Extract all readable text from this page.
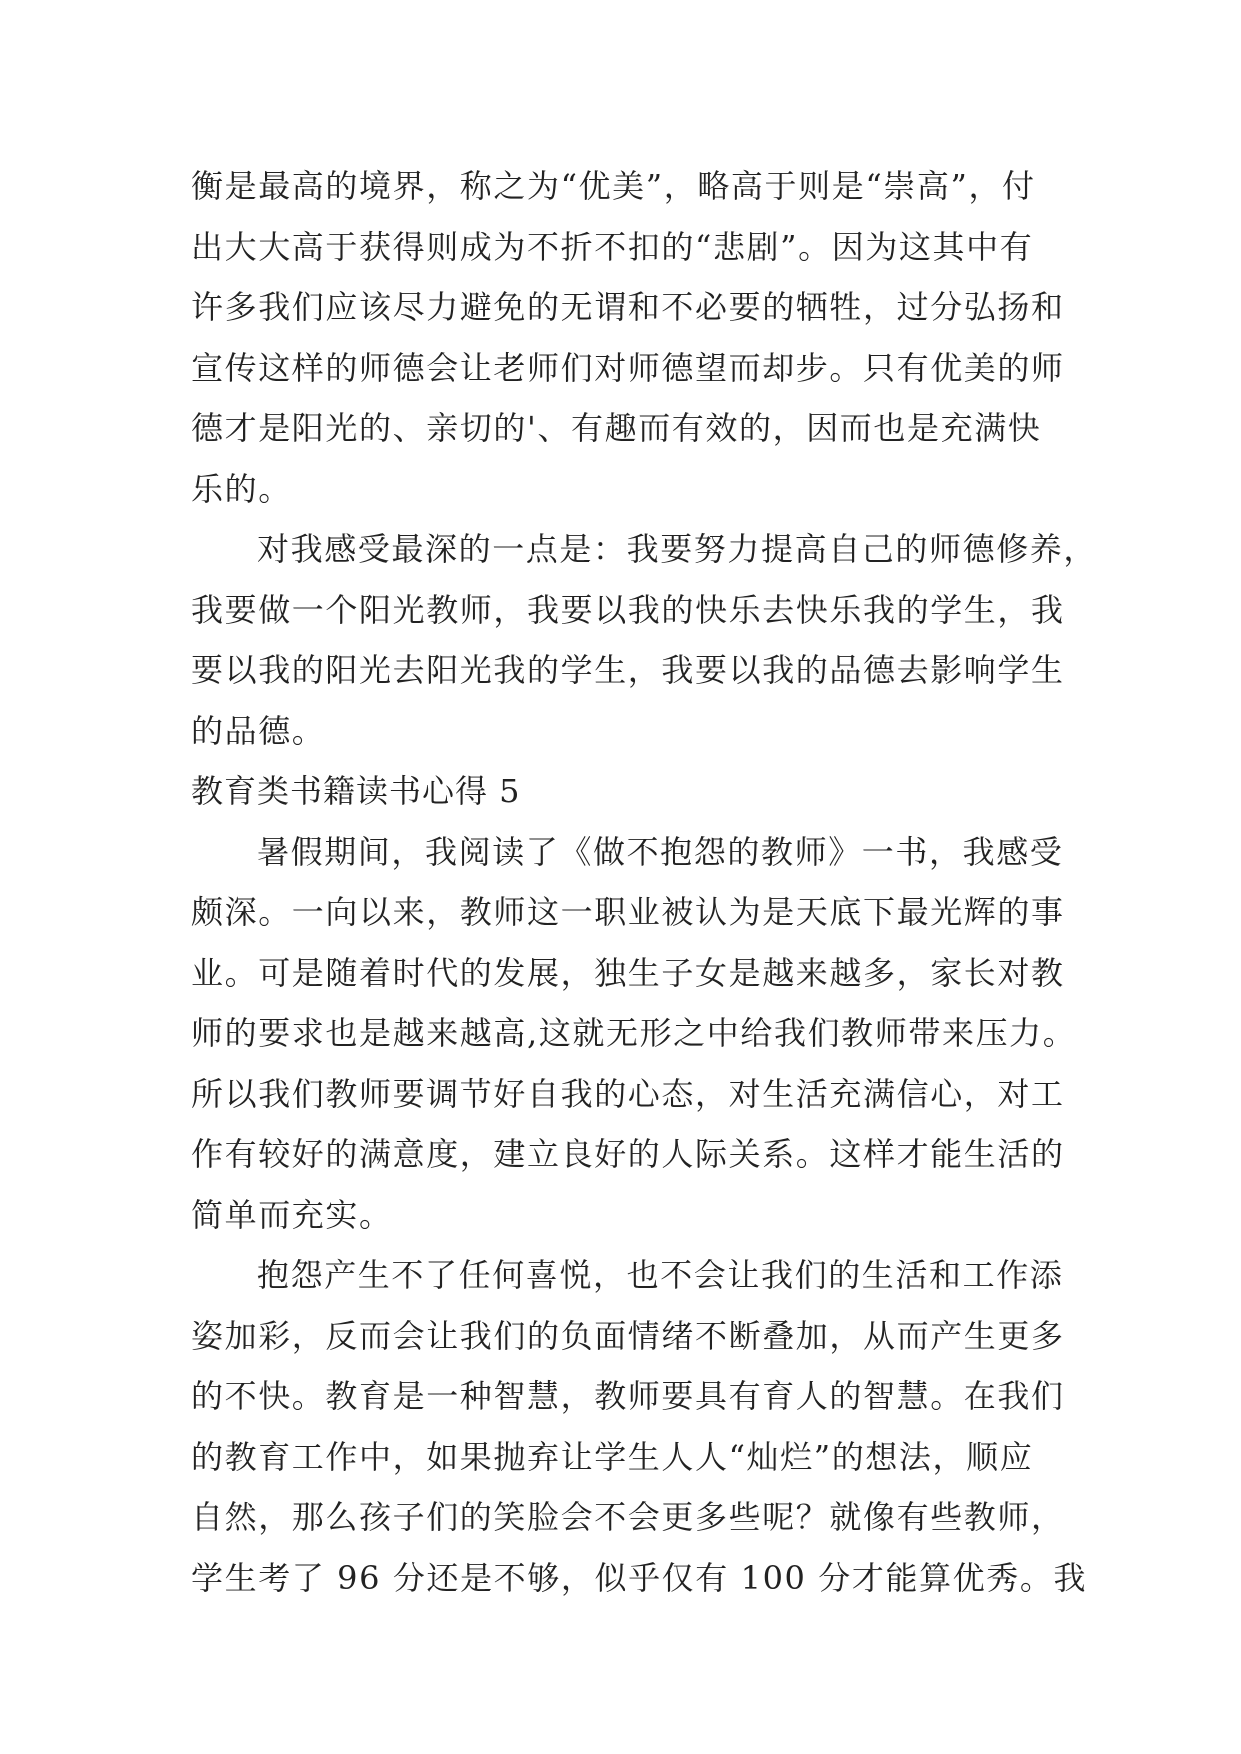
衡是最高的境界，称之为“优美”，略高于则是“崇高”，付
出大大高于获得则成为不折不扣的“悲剧”。因为这其中有
许多我们应该尽力避免的无谓和不必要的牺牲，过分弘扬和
宣传这样的师德会让老师们对师德望而却步。只有优美的师
德才是阳光的、亲切的'、有趣而有效的，因而也是充满快
乐的。
对我感受最深的一点是：我要努力提高自己的师德修养，
我要做一个阳光教师，我要以我的快乐去快乐我的学生，我
要以我的阳光去阳光我的学生，我要以我的品德去影响学生
的品德。
教育类书籍读书心得 5
暑假期间，我阅读了《做不抱怨的教师》一书，我感受
颇深。一向以来，教师这一职业被认为是天底下最光辉的事
业。可是随着时代的发展，独生子女是越来越多，家长对教
师的要求也是越来越高,这就无形之中给我们教师带来压力。
所以我们教师要调节好自我的心态，对生活充满信心，对工
作有较好的满意度，建立良好的人际关系。这样才能生活的
简单而充实。
抱怨产生不了任何喜悦，也不会让我们的生活和工作添
姿加彩，反而会让我们的负面情绪不断叠加，从而产生更多
的不快。教育是一种智慧，教师要具有育人的智慧。在我们
的教育工作中，如果抛弃让学生人人“灿烂”的想法，顺应
自然，那么孩子们的笑脸会不会更多些呢？就像有些教师，
学生考了 96 分还是不够，似乎仅有 100 分才能算优秀。我
